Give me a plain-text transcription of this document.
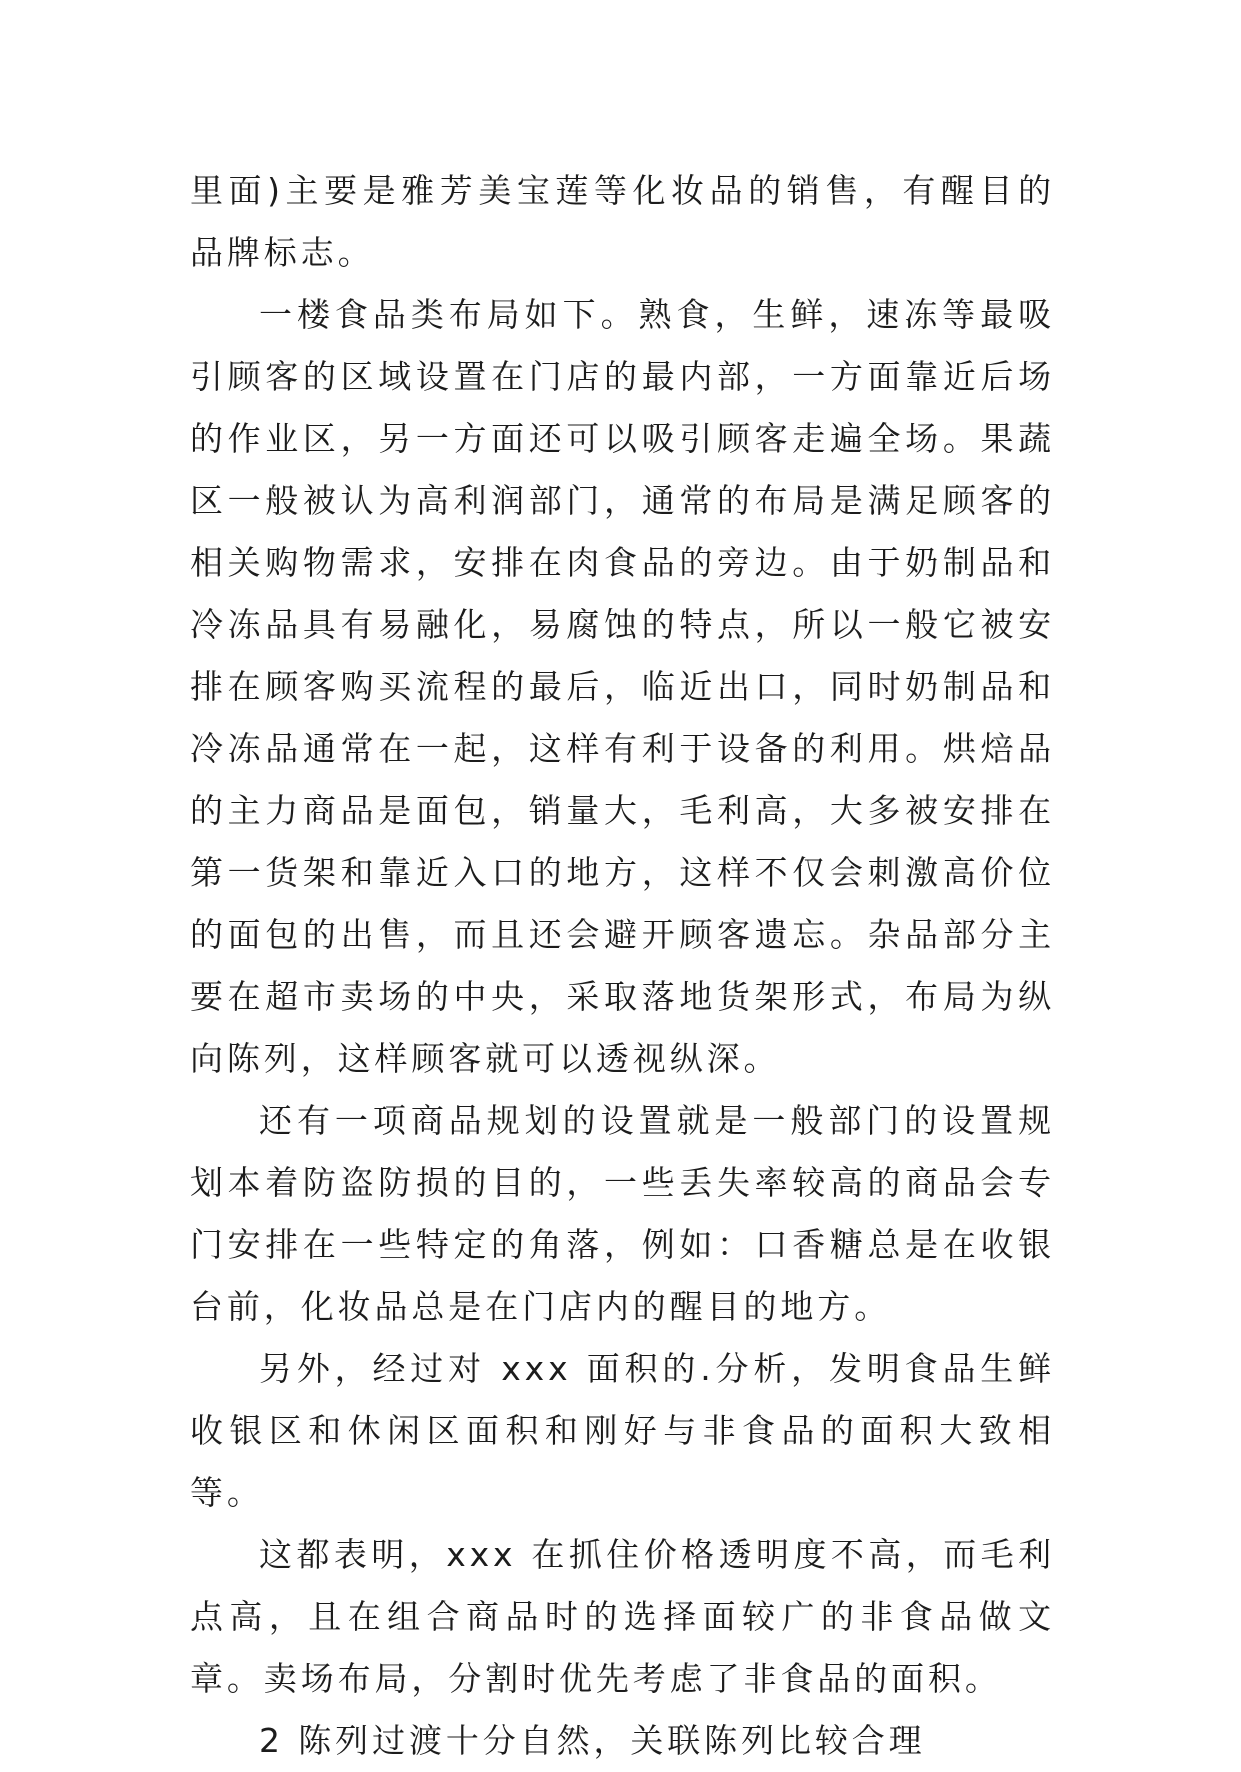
里面)主要是雅芳美宝莲等化妆品的销售，有醒目的品牌标志。

一楼食品类布局如下。熟食，生鲜，速冻等最吸引顾客的区域设置在门店的最内部，一方面靠近后场的作业区，另一方面还可以吸引顾客走遍全场。果蔬区一般被认为高利润部门，通常的布局是满足顾客的相关购物需求，安排在肉食品的旁边。由于奶制品和冷冻品具有易融化，易腐蚀的特点，所以一般它被安排在顾客购买流程的最后，临近出口，同时奶制品和冷冻品通常在一起，这样有利于设备的利用。烘焙品的主力商品是面包，销量大，毛利高，大多被安排在第一货架和靠近入口的地方，这样不仅会刺激高价位的面包的出售，而且还会避开顾客遗忘。杂品部分主要在超市卖场的中央，采取落地货架形式，布局为纵向陈列，这样顾客就可以透视纵深。

还有一项商品规划的设置就是一般部门的设置规划本着防盗防损的目的，一些丢失率较高的商品会专门安排在一些特定的角落，例如：口香糖总是在收银台前，化妆品总是在门店内的醒目的地方。

另外，经过对 xxx 面积的.分析，发明食品生鲜收银区和休闲区面积和刚好与非食品的面积大致相等。

这都表明，xxx 在抓住价格透明度不高，而毛利点高，且在组合商品时的选择面较广的非食品做文章。卖场布局，分割时优先考虑了非食品的面积。

2 陈列过渡十分自然，关联陈列比较合理
